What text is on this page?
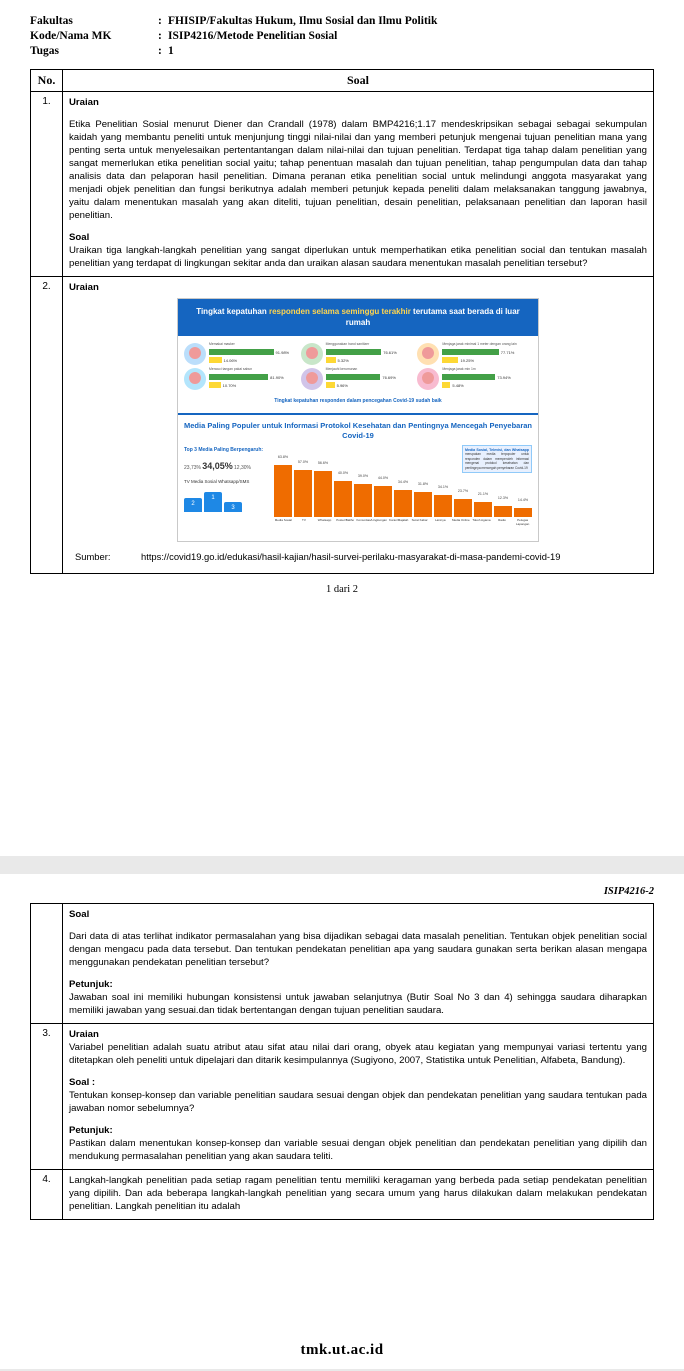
Fakultas	: FHISIP/Fakultas Hukum, Ilmu Sosial dan Ilmu Politik
Kode/Nama MK	: ISIP4216/Metode Penelitian Sosial
Tugas	: 1
No.	Soal
1.	Uraian
Etika Penelitian Sosial menurut Diener dan Crandall (1978) dalam BMP4216;1.17 mendeskripsikan sebagai sebagai sekumpulan kaidah yang membantu peneliti untuk menjunjung tinggi nilai-nilai dan yang memberi petunjuk mengenai tujuan penelitian mana yang penting serta untuk menyelesaikan pertentantangan dalam nilai-nilai dan tujuan penelitian. Terdapat tiga tahap dalam penelitian yang sangat memerlukan etika penelitian social yaitu; tahap penentuan masalah dan tujuan penelitian, tahap pengumpulan data dan tahap analisis data dan pelaporan hasil penelitian. Dimana peranan etika penelitian social untuk melindungi anggota masyarakat yang menjadi objek penelitian dan fungsi berikutnya adalah memberi petunjuk kepada peneliti dalam melaksanakan tanggung jawabnya, yaitu dalam menentukan masalah yang akan diteliti, tujuan penelitian, desain penelitian, pelaksanaan penelitian dan laporan hasil penelitian.
Soal
Uraikan tiga langkah-langkah penelitian yang sangat diperlukan untuk memperhatikan etika penelitian social dan tentukan masalah penelitian yang terdapat di lingkungan sekitar anda dan uraikan alasan saudara menentukan masalah penelitian tersebut?

2.	Uraian
Tingkat kepatuhan responden selama seminggu terakhir terutama saat berada di luar rumah
Memakai masker
91.98%
14.06%
Menggunakan hand sanitizer
76.61%
5.32%
Menjaga jarak minimal 1 meter dengan orang lain
77.71%
19.25%
Mencuci tangan pakai sabun
81.90%
10.70%
Menjauhi kerumunan
76.69%
5.96%
Menjaga jarak min 1m
73.94%
5.48%
Tingkat kepatuhan responden dalam pencegahan Covid-19 sudah baik
Media Paling Populer untuk Informasi Protokol Kesehatan dan Pentingnya Mencegah Penyebaran Covid-19
Top 3 Media Paling Berpengaruh:
23,73% 34,05% 12,30%
TV Media Sosial Whatsapp/SMS
2
1
3
Media Sosial, Televisi, dan Whatsapp merupakan media terpopuler untuk responden dalam memperoleh informasi mengenai protokol kesehatan dan pentingnya mencegah penyebaran Covid-19
63.8%
57.0%	56.6%
40.0%
39.0%	44.0%
34.4%	31.8%
34.1%
23.7%
21.1%
12.3%	14.4%
Media Sosial	TV	Whatsapp	Poster/Baliho Komunitas/Lingkungan Koran/Majalah	Surat Kabar	Lainnya	Media Online Tokoh Agama	Radio	Petugas Lapangan
Sumber:	https://covid19.go.id/edukasi/hasil-kajian/hasil-survei-perilaku-masyarakat-di-masa-pandemi-covid-19
1 dari 2
ISIP4216-2

	Soal
Dari data di atas terlihat indikator permasalahan yang bisa dijadikan sebagai data masalah penelitian. Tentukan objek penelitian social dengan mengacu pada data tersebut. Dan tentukan pendekatan penelitian apa yang saudara gunakan serta berikan alasan mengapa menggunakan pendekatan penelitian tersebut?
Petunjuk:
Jawaban soal ini memiliki hubungan konsistensi untuk jawaban selanjutnya (Butir Soal No 3 dan 4) sehingga saudara diharapkan memiliki jawaban yang sesuai.dan tidak bertentangan dengan tujuan penelitian saudara.

3.	Uraian
Variabel penelitian adalah suatu atribut atau sifat atau nilai dari orang, obyek atau kegiatan yang mempunyai variasi tertentu yang ditetapkan oleh peneliti untuk dipelajari dan ditarik kesimpulannya (Sugiyono, 2007, Statistika untuk Penelitian, Alfabeta, Bandung).
Soal :
Tentukan konsep-konsep dan variable penelitian saudara sesuai dengan objek dan pendekatan penelitian yang saudara tentukan pada jawaban nomor sebelumnya?
Petunjuk:
Pastikan dalam menentukan konsep-konsep dan variable sesuai dengan objek penelitian dan pendekatan penelitian yang dipilih dan mendukung permasalahan penelitian yang akan saudara teliti.

4.	Langkah-langkah penelitian pada setiap ragam penelitian tentu memiliki keragaman yang berbeda pada setiap pendekatan penelitian yang dipilih. Dan ada beberapa langkah-langkah penelitian yang secara umum yang harus dilakukan dalam melakukan pendekatan penelitian. Langkah penelitian itu adalah
tmk.ut.ac.id
